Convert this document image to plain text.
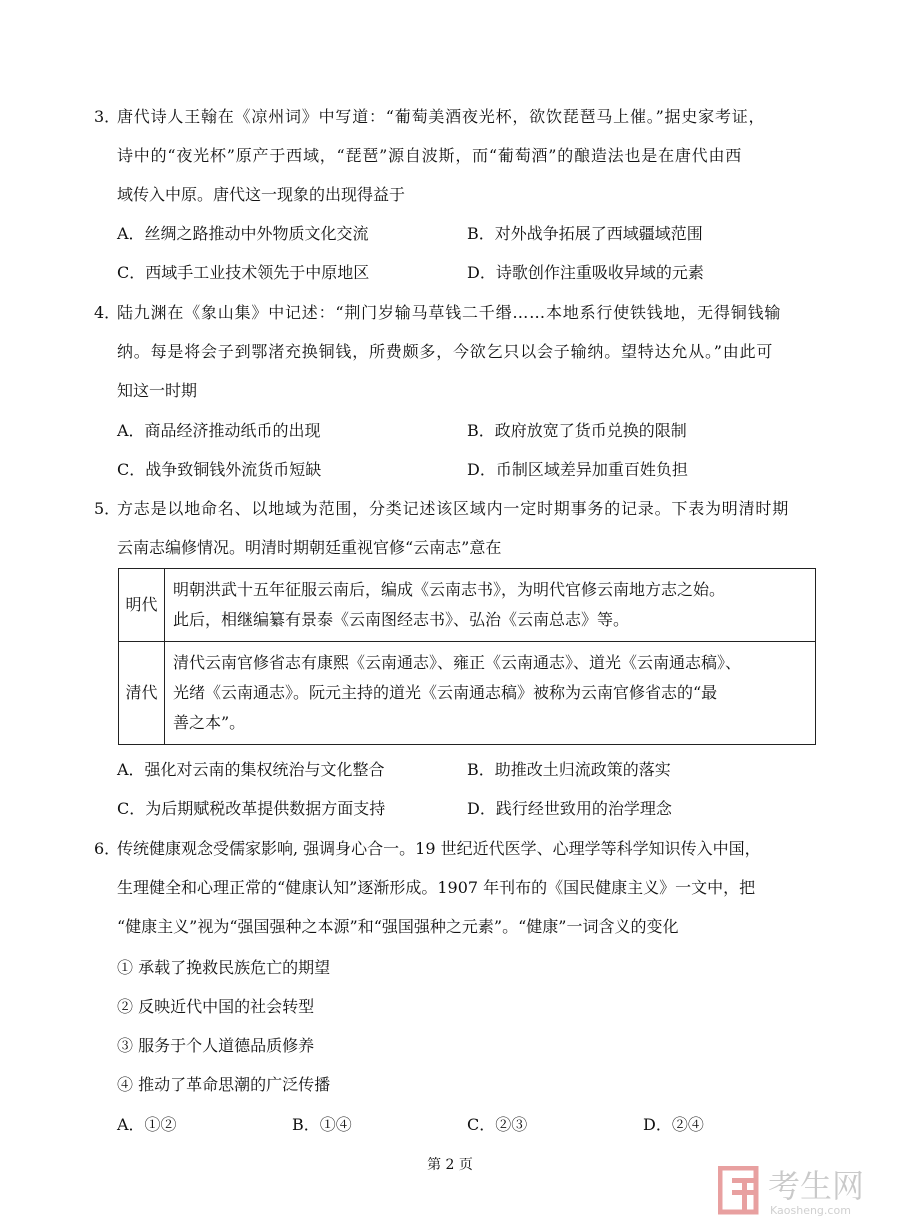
3．
唐代诗人王翰在《凉州词》中写道：“葡萄美酒夜光杯，欲饮琵琶马上催。”据史家考证，
诗中的“夜光杯”原产于西域，“琵琶”源自波斯，而“葡萄酒”的酿造法也是在唐代由西
域传入中原。唐代这一现象的出现得益于
A．丝绸之路推动中外物质文化交流	B．对外战争拓展了西域疆域范围
C．西域手工业技术领先于中原地区	D．诗歌创作注重吸收异域的元素
4．
陆九渊在《象山集》中记述：“荆门岁输马草钱二千缗……本地系行使铁钱地，无得铜钱输
纳。每是将会子到鄂渚充换铜钱，所费颇多，今欲乞只以会子输纳。望特达允从。”由此可
知这一时期
A．商品经济推动纸币的出现	B．政府放宽了货币兑换的限制
C．战争致铜钱外流货币短缺	D．币制区域差异加重百姓负担
5．
方志是以地命名、以地域为范围，分类记述该区域内一定时期事务的记录。下表为明清时期
云南志编修情况。明清时期朝廷重视官修“云南志”意在
明代	明朝洪武十五年征服云南后，编成《云南志书》，为明代官修云南地方志之始。
此后，相继编纂有景泰《云南图经志书》、弘治《云南总志》等。

清代	清代云南官修省志有康熙《云南通志》、雍正《云南通志》、道光《云南通志稿》、
光绪《云南通志》。阮元主持的道光《云南通志稿》被称为云南官修省志的“最
善之本”。
A．强化对云南的集权统治与文化整合	B．助推改土归流政策的落实
C．为后期赋税改革提供数据方面支持	D．践行经世致用的治学理念
6．
传统健康观念受儒家影响, 强调身心合一。19 世纪近代医学、心理学等科学知识传入中国，
生理健全和心理正常的“健康认知”逐渐形成。1907 年刊布的《国民健康主义》一文中，把
“健康主义”视为“强国强种之本源”和“强国强种之元素”。“健康”一词含义的变化
① 承载了挽救民族危亡的期望
② 反映近代中国的社会转型
③ 服务于个人道德品质修养
④ 推动了革命思潮的广泛传播
A．①②	B．①④	C．②③	D．②④
第 2 页
考生网
Kaosheng.com
